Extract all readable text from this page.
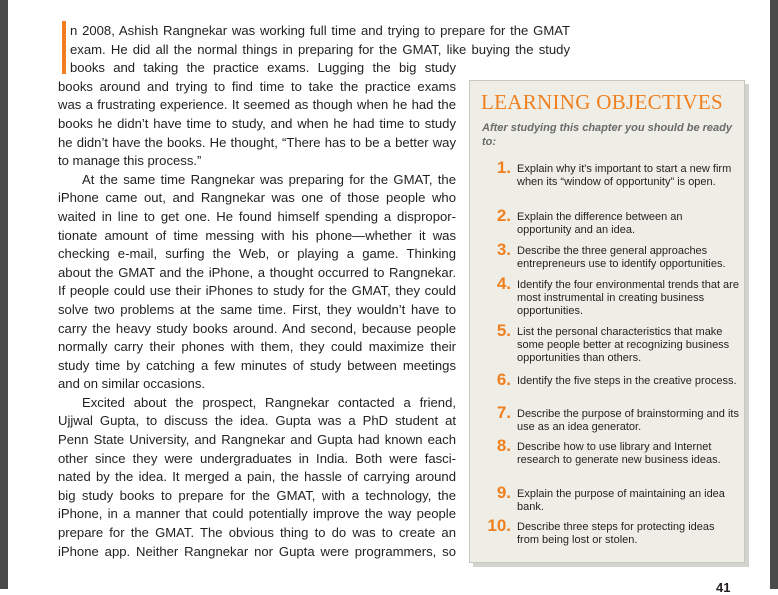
n 2008, Ashish Rangnekar was working full time and trying to prepare for the GMAT
exam. He did all the normal things in preparing for the GMAT, like buying the study
books and taking the practice exams. Lugging the big study
books around and trying to find time to take the practice exams
was a frustrating experience. It seemed as though when he had the
books he didn’t have time to study, and when he had time to study
he didn’t have the books. He thought, “There has to be a better way
to manage this process.”
At the same time Rangnekar was preparing for the GMAT, the
iPhone came out, and Rangnekar was one of those people who
waited in line to get one. He found himself spending a dispropor-
tionate amount of time messing with his phone—whether it was
checking e-mail, surfing the Web, or playing a game. Thinking
about the GMAT and the iPhone, a thought occurred to Rangnekar.
If people could use their iPhones to study for the GMAT, they could
solve two problems at the same time. First, they wouldn’t have to
carry the heavy study books around. And second, because people
normally carry their phones with them, they could maximize their
study time by catching a few minutes of study between meetings
and on similar occasions.
Excited about the prospect, Rangnekar contacted a friend,
Ujjwal Gupta, to discuss the idea. Gupta was a PhD student at
Penn State University, and Rangnekar and Gupta had known each
other since they were undergraduates in India. Both were fasci-
nated by the idea. It merged a pain, the hassle of carrying around
big study books to prepare for the GMAT, with a technology, the
iPhone, in a manner that could potentially improve the way people
prepare for the GMAT. The obvious thing to do was to create an
iPhone app. Neither Rangnekar nor Gupta were programmers, so
LEARNING OBJECTIVES
After studying this chapter you should be ready to:
1. Explain why it's important to start a new firm when its “window of opportunity” is open.
2. Explain the difference between an opportunity and an idea.
3. Describe the three general approaches entrepreneurs use to identify opportunities.
4. Identify the four environmental trends that are most instrumental in creating business opportunities.
5. List the personal characteristics that make some people better at recognizing business opportunities than others.
6. Identify the five steps in the creative process.
7. Describe the purpose of brainstorming and its use as an idea generator.
8. Describe how to use library and Internet research to generate new business ideas.
9. Explain the purpose of maintaining an idea bank.
10. Describe three steps for protecting ideas from being lost or stolen.
41
